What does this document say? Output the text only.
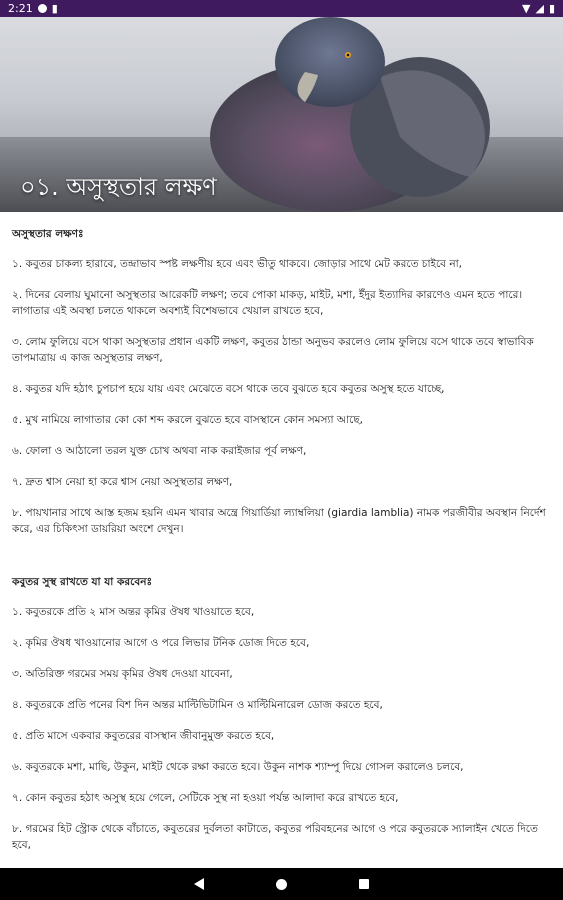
2:21 ▮	▼ ◢ ▮
০১. অসুস্থতার লক্ষণ
অসুস্থতার লক্ষণঃ
১. কবুতর চাকল্য হারাবে, তন্দ্রাভাব স্পষ্ট লক্ষণীয় হবে এবং ভীতু থাকবে। জোড়ার সাথে মেট করতে চাইবে না,
২. দিনের বেলায় ঘুমানো অসুস্থতার আরেকটি লক্ষণ; তবে পোকা মাকড়, মাইট, মশা, ইঁদুর ইত্যাদির কারণেও এমন হতে পারে। লাগাতার এই অবস্থা চলতে থাকলে অবশ্যই বিশেষভাবে খেয়াল রাখতে হবে,
৩. লোম ফুলিয়ে বসে থাকা অসুস্থতার প্রধান একটি লক্ষণ, কবুতর ঠান্ডা অনুভব করলেও লোম ফুলিয়ে বসে থাকে তবে স্বাভাবিক তাপমাত্রায় এ কাজ অসুস্থতার লক্ষণ,
৪. কবুতর যদি হঠাৎ চুপচাপ হয়ে যায় এবং মেঝেতে বসে থাকে তবে বুঝতে হবে কবুতর অসুস্থ হতে যাচ্ছে,
৫. মুখ নামিয়ে লাগাতার কো কো শব্দ করলে বুঝতে হবে বাসস্থানে কোন সমস্যা আছে,
৬. ফোলা ও আঠালো তরল যুক্ত চোখ অথবা নাক করাইজার পূর্ব লক্ষণ,
৭. দ্রুত শ্বাস নেয়া হা করে শ্বাস নেয়া অসুস্থতার লক্ষণ,
৮. পায়খানার সাথে আস্ত হজম হয়নি এমন খাবার অন্ত্রে গিয়ার্ডিয়া ল্যাম্বলিয়া (giardia lamblia) নামক পরজীবীর অবস্থান নির্দেশ করে, এর চিকিৎসা ডায়রিয়া অংশে দেখুন।
কবুতর সুস্থ রাখতে যা যা করবেনঃ
১. কবুতরকে প্রতি ২ মাস অন্তর কৃমির ঔষধ খাওয়াতে হবে,
২. কৃমির ঔষধ খাওয়ানোর আগে ও পরে লিভার টনিক ডোজ দিতে হবে,
৩. অতিরিক্ত গরমের সময় কৃমির ঔষধ দেওয়া যাবেনা,
৪. কবুতরকে প্রতি পনের বিশ দিন অন্তর মাল্টিভিটামিন ও মাল্টিমিনারেল ডোজ করতে হবে,
৫. প্রতি মাসে একবার কবুতরের বাসস্থান জীবানুমুক্ত করতে হবে,
৬. কবুতরকে মশা, মাছি, উকুন, মাইট থেকে রক্ষা করতে হবে। উকুন নাশক শ্যাম্পু দিয়ে গোসল করালেও চলবে,
৭. কোন কবুতর হঠাৎ অসুস্থ হয়ে গেলে, সেটিকে সুস্থ না হওয়া পর্যন্ত আলাদা করে রাখতে হবে,
৮. গরমের হিট স্ট্রোক থেকে বাঁচাতে, কবুতরের দুর্বলতা কাটাতে, কবুতর পরিবহনের আগে ও পরে কবুতরকে স্যালাইন খেতে দিতে হবে,
